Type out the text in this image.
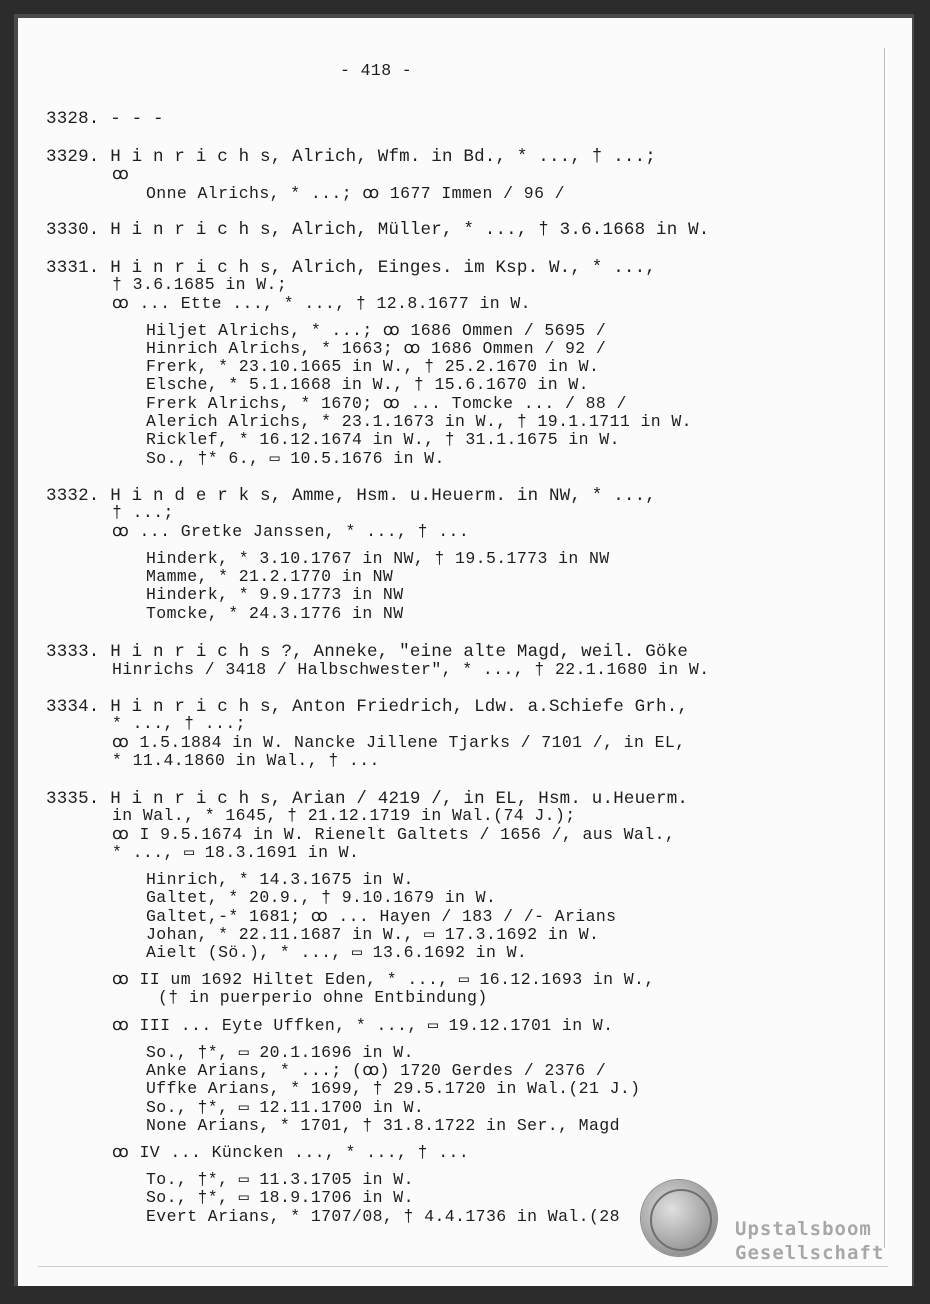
- 418 -
3328. - - -
3329. H i n r i c h s, Alrich, Wfm. in Bd., * ..., † ...;
ꝏ
Onne Alrichs, * ...; ꝏ 1677 Immen / 96 /
3330. H i n r i c h s, Alrich, Müller, * ..., † 3.6.1668 in W.
3331. H i n r i c h s, Alrich, Einges. im Ksp. W., * ...,
† 3.6.1685 in W.;
ꝏ ... Ette ..., * ..., † 12.8.1677 in W.
Hiljet Alrichs, * ...; ꝏ 1686 Ommen / 5695 /
Hinrich Alrichs, * 1663; ꝏ 1686 Ommen / 92 /
Frerk, * 23.10.1665 in W., † 25.2.1670 in W.
Elsche, * 5.1.1668 in W., † 15.6.1670 in W.
Frerk Alrichs, * 1670; ꝏ ... Tomcke ... / 88 /
Alerich Alrichs, * 23.1.1673 in W., † 19.1.1711 in W.
Ricklef, * 16.12.1674 in W., † 31.1.1675 in W.
So., †* 6., ▭ 10.5.1676 in W.
3332. H i n d e r k s, Amme, Hsm. u.Heuerm. in NW, * ...,
† ...;
ꝏ ... Gretke Janssen, * ..., † ...
Hinderk, * 3.10.1767 in NW, † 19.5.1773 in NW
Mamme, * 21.2.1770 in NW
Hinderk, * 9.9.1773 in NW
Tomcke, * 24.3.1776 in NW
3333. H i n r i c h s ?, Anneke, "eine alte Magd, weil. Göke
Hinrichs / 3418 / Halbschwester", * ..., † 22.1.1680 in W.
3334. H i n r i c h s, Anton Friedrich, Ldw. a.Schiefe Grh.,
* ..., † ...;
ꝏ 1.5.1884 in W. Nancke Jillene Tjarks / 7101 /, in EL,
* 11.4.1860 in Wal., † ...
3335. H i n r i c h s, Arian / 4219 /, in EL, Hsm. u.Heuerm.
in Wal., * 1645, † 21.12.1719 in Wal.(74 J.);
ꝏ I 9.5.1674 in W. Rienelt Galtets / 1656 /, aus Wal.,
* ..., ▭ 18.3.1691 in W.
Hinrich, * 14.3.1675 in W.
Galtet, * 20.9., † 9.10.1679 in W.
Galtet,-* 1681; ꝏ ... Hayen / 183 / /- Arians
Johan, * 22.11.1687 in W., ▭ 17.3.1692 in W.
Aielt (Sö.), * ..., ▭ 13.6.1692 in W.
ꝏ II um 1692 Hiltet Eden, * ..., ▭ 16.12.1693 in W.,
(† in puerperio ohne Entbindung)
ꝏ III ... Eyte Uffken, * ..., ▭ 19.12.1701 in W.
So., †*, ▭ 20.1.1696 in W.
Anke Arians, * ...; (ꝏ) 1720 Gerdes / 2376 /
Uffke Arians, * 1699, † 29.5.1720 in Wal.(21 J.)
So., †*, ▭ 12.11.1700 in W.
None Arians, * 1701, † 31.8.1722 in Ser., Magd
ꝏ IV ... Küncken ..., * ..., † ...
To., †*, ▭ 11.3.1705 in W.
So., †*, ▭ 18.9.1706 in W.
Evert Arians, * 1707/08, † 4.4.1736 in Wal.(28
Upstalsboom
Gesellschaft
